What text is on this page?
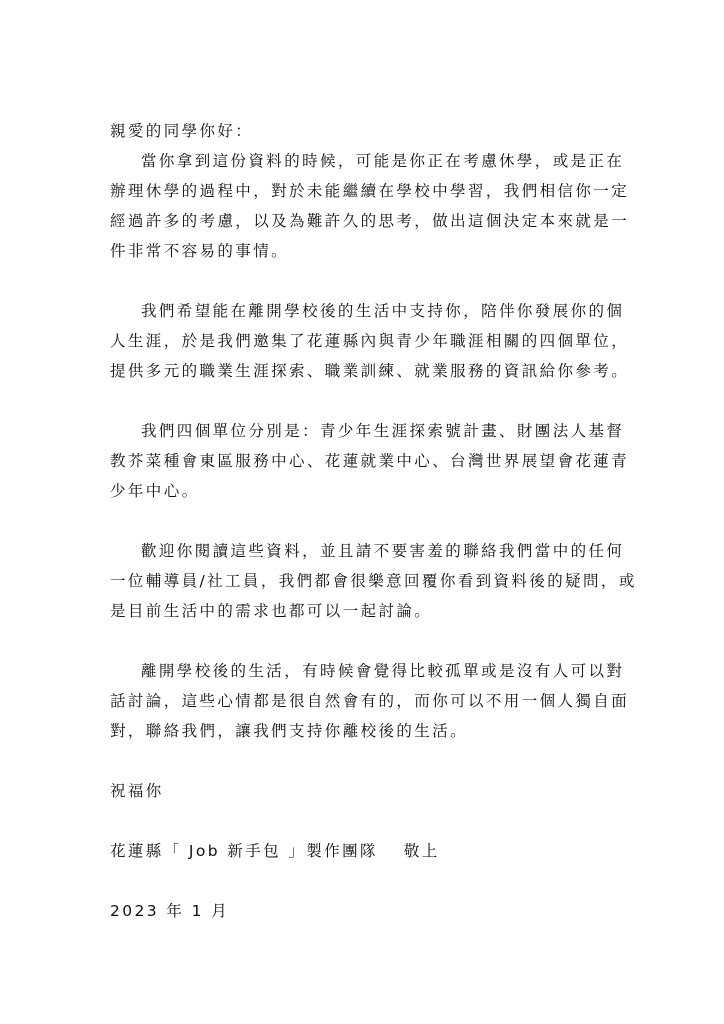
親愛的同學你好：
當你拿到這份資料的時候，可能是你正在考慮休學，或是正在
辦理休學的過程中，對於未能繼續在學校中學習，我們相信你一定
經過許多的考慮，以及為難許久的思考，做出這個決定本來就是一
件非常不容易的事情。
我們希望能在離開學校後的生活中支持你，陪伴你發展你的個
人生涯，於是我們邀集了花蓮縣內與青少年職涯相關的四個單位，
提供多元的職業生涯探索、職業訓練、就業服務的資訊給你參考。
我們四個單位分別是：青少年生涯探索號計畫、財團法人基督
教芥菜種會東區服務中心、花蓮就業中心、台灣世界展望會花蓮青
少年中心。
歡迎你閱讀這些資料，並且請不要害羞的聯絡我們當中的任何
一位輔導員/社工員，我們都會很樂意回覆你看到資料後的疑問，或
是目前生活中的需求也都可以一起討論。
離開學校後的生活，有時候會覺得比較孤單或是沒有人可以對
話討論，這些心情都是很自然會有的，而你可以不用一個人獨自面
對，聯絡我們，讓我們支持你離校後的生活。
祝福你
花蓮縣「 Job 新手包 」製作團隊 敬上
2023 年 1 月
